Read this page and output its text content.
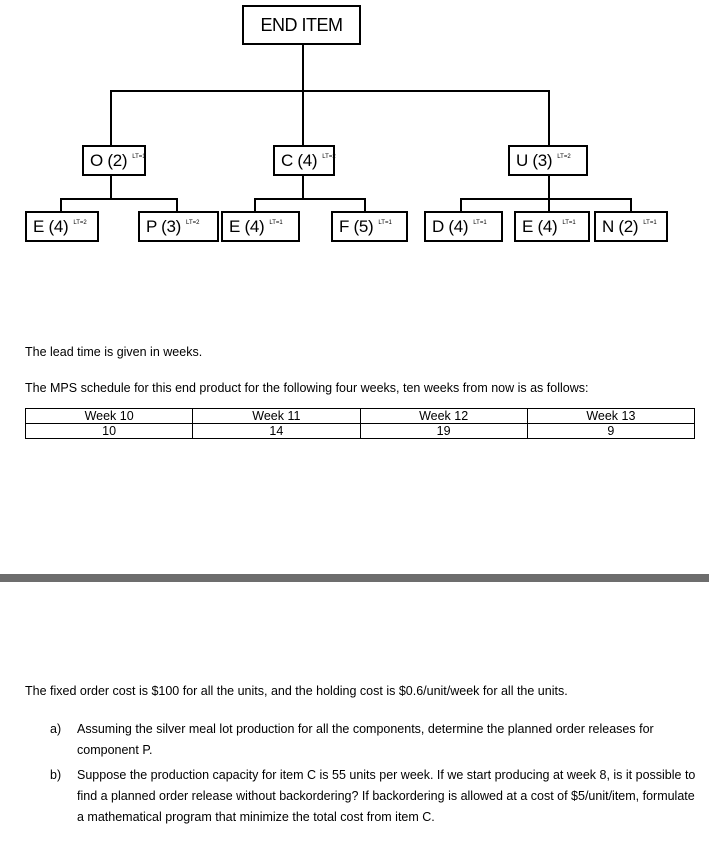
END ITEM
O (2) LT=1	C (4) LT=2	U (3) LT=2
E (4) LT=2	P (3) LT=2 E (4) LT=1	F (5) LT=1 D (4) LT=1 E (4) LT=1 N (2) LT=1
The lead time is given in weeks.
The MPS schedule for this end product for the following four weeks, ten weeks from now is as follows:
Week 10	Week 11	Week 12	Week 13
10	14	19	9
The fixed order cost is $100 for all the units, and the holding cost is $0.6/unit/week for all the units.
a) Assuming the silver meal lot production for all the components, determine the planned order releases for component P.
b) Suppose the production capacity for item C is 55 units per week. If we start producing at week 8, is it possible to find a planned order release without backordering? If backordering is allowed at a cost of $5/unit/item, formulate a mathematical program that minimize the total cost from item C.
